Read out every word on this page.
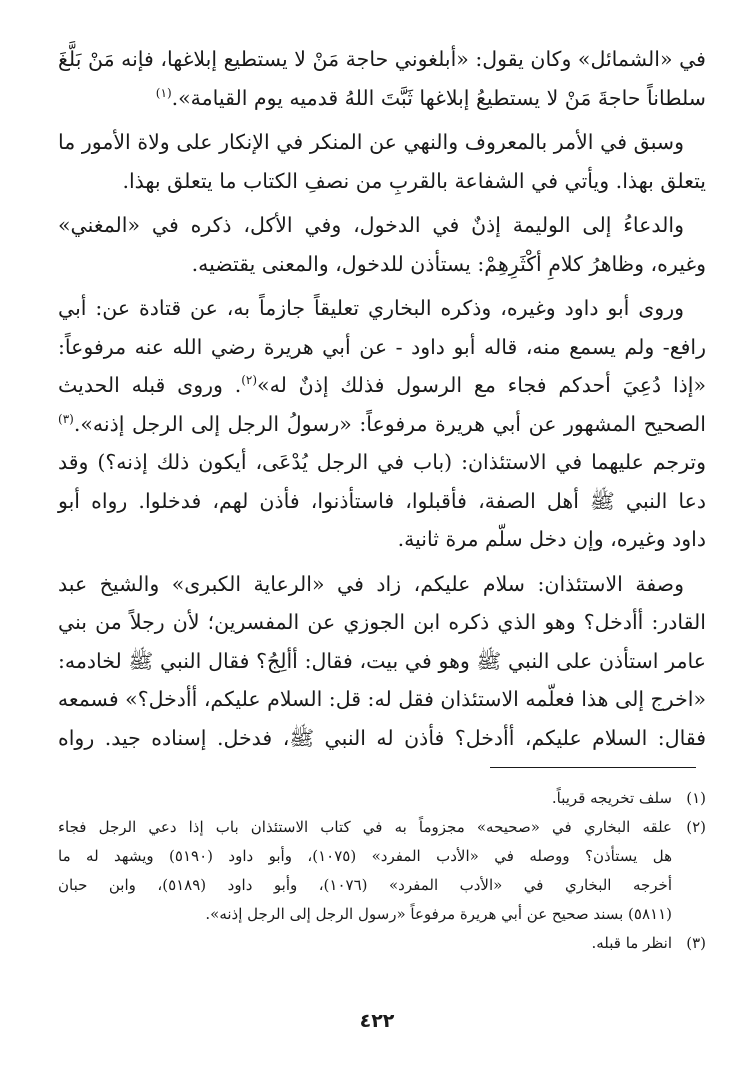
في «الشمائل» وكان يقول: «أبلغوني حاجة مَنْ لا يستطيع إبلاغها، فإنه مَنْ بَلَّغَ
سلطاناً حاجةَ مَنْ لا يستطيعُ إبلاغها ثَبَّتَ اللهُ قدميه يوم القيامة».$^{(١)}$

وسبق في الأمر بالمعروف والنهي عن المنكر في الإنكار على ولاة الأمور ما
يتعلق بهذا. ويأتي في الشفاعة بالقربِ من نصفِ الكتاب ما يتعلق بهذا.

والدعاءُ إلى الوليمة إذنٌ في الدخول، وفي الأكل، ذكره في «المغني»
وغيره، وظاهرُ كلامِ أكْثَرِهِمْ: يستأذن للدخول، والمعنى يقتضيه.

وروى أبو داود وغيره، وذكره البخاري تعليقاً جازماً به، عن قتادة عن: أبي
رافع- ولم يسمع منه، قاله أبو داود - عن أبي هريرة رضي الله عنه مرفوعاً:
«إذا دُعِيَ أحدكم فجاء مع الرسول فذلك إذنٌ له»$^{(٢)}$. وروى قبله الحديث
الصحيح المشهور عن أبي هريرة مرفوعاً: «رسولُ الرجل إلى الرجل إذنه».$^{(٣)}$
وترجم عليهما في الاستئذان: (باب في الرجل يُدْعَى، أيكون ذلك إذنه؟) وقد
دعا النبي ﷺ أهل الصفة، فأقبلوا، فاستأذنوا، فأذن لهم، فدخلوا. رواه أبو
داود وغيره، وإن دخل سلّم مرة ثانية.

وصفة الاستئذان: سلام عليكم، زاد في «الرعاية الكبرى» والشيخ عبد
القادر: أأدخل؟ وهو الذي ذكره ابن الجوزي عن المفسرين؛ لأن رجلاً من بني
عامر استأذن على النبي ﷺ وهو في بيت، فقال: أألِجُ؟ فقال النبي ﷺ لخادمه:
«اخرج إلى هذا فعلّمه الاستئذان فقل له: قل: السلام عليكم، أأدخل؟» فسمعه
فقال: السلام عليكم، أأدخل؟ فأذن له النبي ﷺ، فدخل. إسناده جيد. رواه

(١)
سلف تخريجه قريباً.
(٢)
علقه البخاري في «صحيحه» مجزوماً به في كتاب الاستئذان باب إذا دعي الرجل فجاء
هل يستأذن؟ ووصله في «الأدب المفرد» (١٠٧٥)، وأبو داود (٥١٩٠) ويشهد له ما
أخرجه البخاري في «الأدب المفرد» (١٠٧٦)، وأبو داود (٥١٨٩)، وابن حبان
(٥٨١١) بسند صحيح عن أبي هريرة مرفوعاً «رسول الرجل إلى الرجل إذنه».
(٣)
انظر ما قبله.
٤٢٢
